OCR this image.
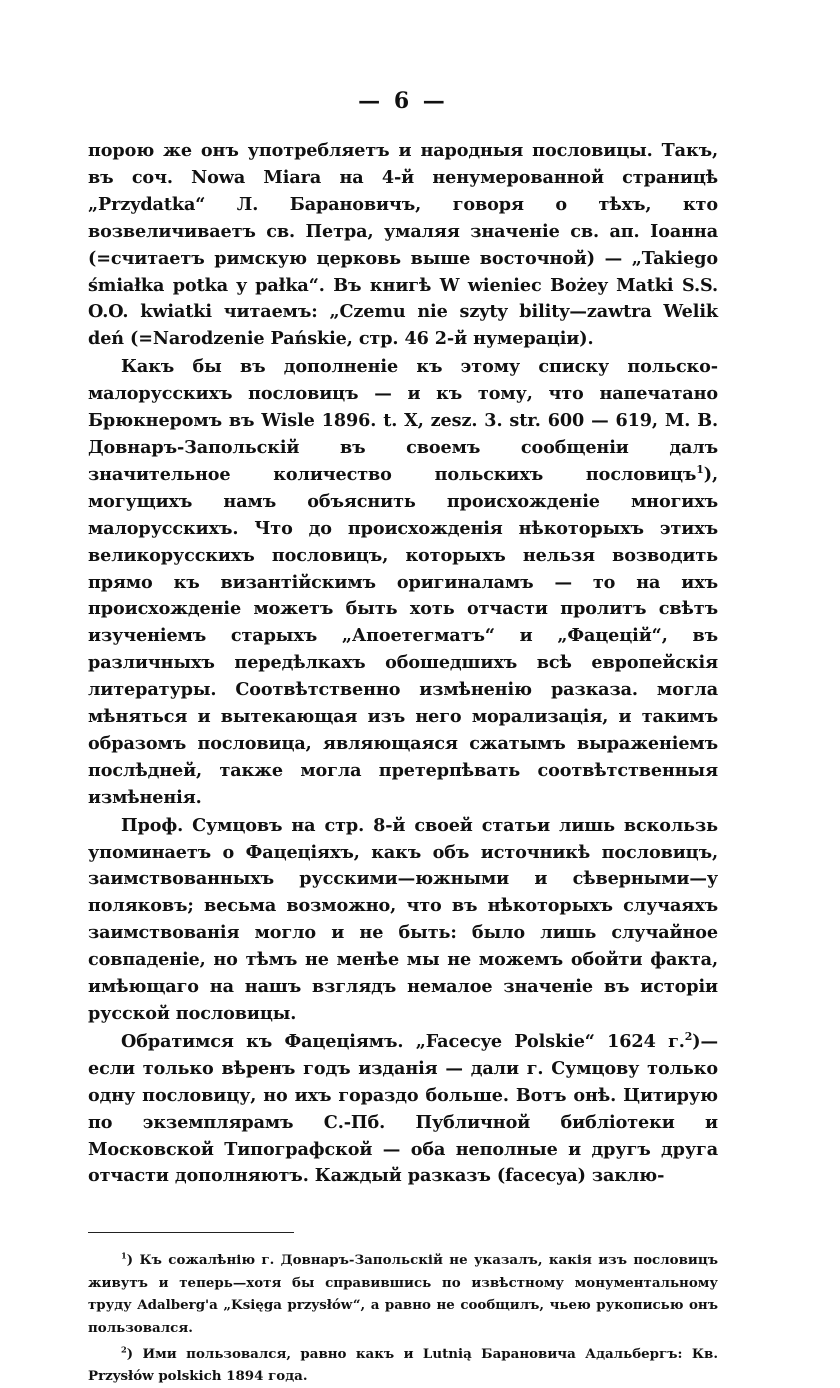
— 6 —

порою же онъ употребляетъ и народныя пословицы. Такъ, въ соч. Nowa Miara на 4-й ненумерованной страницѣ „Przydatka“ Л. Барановичъ, говоря о тѣхъ, кто возвеличиваетъ св. Петра, умаляя значеніе св. ап. Іоанна (=считаетъ римскую церковь выше восточной) — „Takiego śmiałka potka y pałka“. Въ книгѣ W wieniec Bożey Matki S.S. O.O. kwiatki читаемъ: „Czemu nie szyty bility—zawtra Welik deń (=Narodzenie Pańskie, стр. 46 2-й нумераціи).

Какъ бы въ дополненіе къ этому списку польско-малорусскихъ пословицъ — и къ тому, что напечатано Брюкнеромъ въ Wisle 1896. t. X, zesz. 3. str. 600 — 619, М. В. Довнаръ-Запольскій въ своемъ сообщеніи далъ значительное количество польскихъ пословицъ$^1$), могущихъ намъ объяснить происхожденіе многихъ малорусскихъ. Что до происхожденія нѣкоторыхъ этихъ великорусскихъ пословицъ, которыхъ нельзя возводить прямо къ византійскимъ оригиналамъ — то на ихъ происхожденіе можетъ быть хоть отчасти пролитъ свѣтъ изученіемъ старыхъ „Апоетегматъ“ и „Фацецій“, въ различныхъ передѣлкахъ обошедшихъ всѣ европейскія литературы. Соотвѣтственно измѣненію разказа. могла мѣняться и вытекающая изъ него морализація, и такимъ образомъ пословица, являющаяся сжатымъ выраженіемъ послѣдней, также могла претерпѣвать соотвѣтственныя измѣненія.

Проф. Сумцовъ на стр. 8-й своей статьи лишь вскользь упоминаетъ о Фацеціяхъ, какъ объ источникѣ пословицъ, заимствованныхъ русскими—южными и сѣверными—у поляковъ; весьма возможно, что въ нѣкоторыхъ случаяхъ заимствованія могло и не быть: было лишь случайное совпаденіе, но тѣмъ не менѣе мы не можемъ обойти факта, имѣющаго на нашъ взглядъ немалое значеніе въ исторіи русской пословицы.

Обратимся къ Фацеціямъ. „Facecye Polskie“ 1624 г.$^2$)—если только вѣренъ годъ изданія — дали г. Сумцову только одну пословицу, но ихъ гораздо больше. Вотъ онѣ. Цитирую по экземплярамъ С.-Пб. Публичной библіотеки и Московской Типографской — оба неполные и другъ друга отчасти дополняютъ. Каждый разказъ (facecya) заклю-

$^1$) Къ сожалѣнію г. Довнаръ-Запольскій не указалъ, какія изъ пословицъ живутъ и теперь—хотя бы справившись по извѣстному монументальному труду Adalberg'a „Księga przysłów“, а равно не сообщилъ, чьею рукописью онъ пользовался.

$^2$) Ими пользовался, равно какъ и Lutnią Барановича Адальбергъ: Кв. Przysłów polskich 1894 года.
